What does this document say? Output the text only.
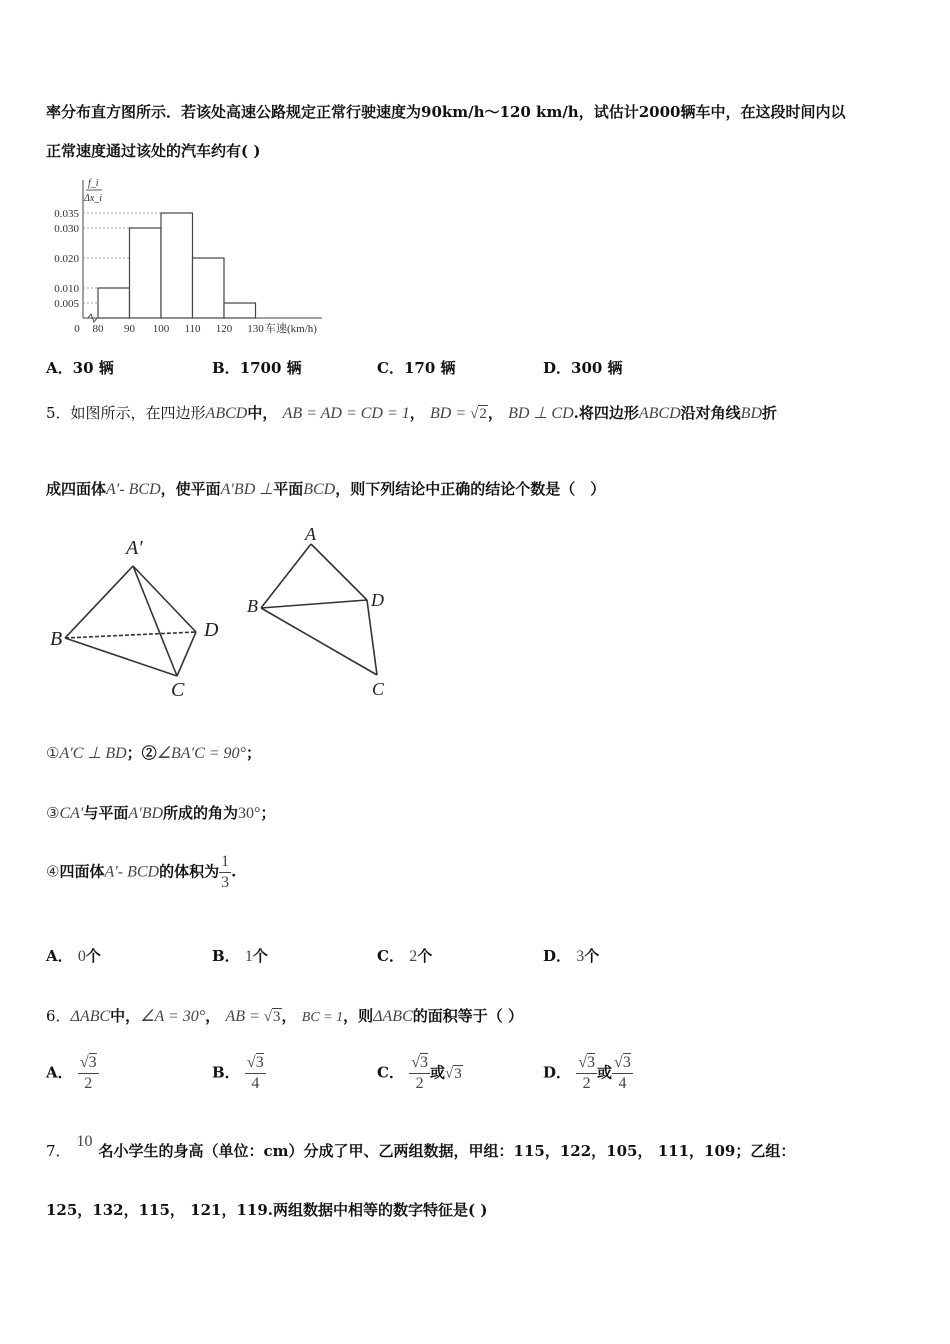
率分布直方图所示．若该处高速公路规定正常行驶速度为90km/h～120 km/h，试估计2000辆车中，在这段时间内以
正常速度通过该处的汽车约有( )
0.035
0.030
0.020
0.010
0.005
0 80 90 100 110 120 130 车速(km/h)
f_i
Δx_i
A．30 辆	B．1700 辆	C．170 辆	D．300 辆
5．如图所示，在四边形ABCD中， AB = AD = CD = 1， BD = √2， BD ⊥ CD.将四边形ABCD沿对角线BD折
成四面体A′- BCD，使平面A′BD ⊥平面BCD，则下列结论中正确的结论个数是（　）
A′
B	D
C
A
B	D
C
①A′C ⊥ BD；②∠BA′C = 90°；
③CA′与平面A′BD所成的角为30°；
④四面体A′- BCD的体积为 $\frac{1}{3}$ .
A． 0个	B． 1个	C． 2个	D． 3个
6．ΔABC中，∠A = 30°， AB = √3， BC = 1，则ΔABC的面积等于（ ）
A． $\frac{√3}{2}$	B． $\frac{√3}{4}$	C． $\frac{√3}{2}$ 或√3	D． $\frac{√3}{2}$ 或 $\frac{√3}{4}$
7．10名小学生的身高（单位：cm）分成了甲、乙两组数据，甲组：115，122，105， 111，109；乙组：
125，132，115， 121，119.两组数据中相等的数字特征是( )
